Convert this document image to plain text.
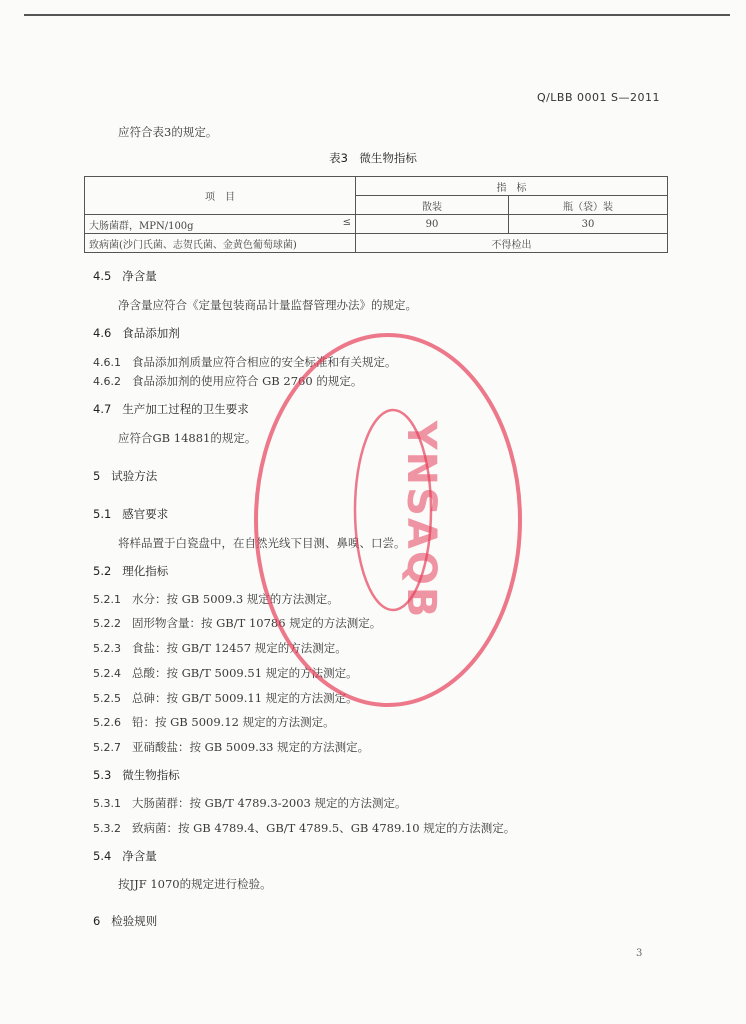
Q/LBB 0001 S—2011
应符合表3的规定。
表3　微生物指标
项　目	指　标	
	散装	瓶（袋）装

大肠菌群，MPN/100g ≤	90	30
致病菌(沙门氏菌、志贺氏菌、金黄色葡萄球菌)	不得检出	
4.5 净含量
净含量应符合《定量包装商品计量监督管理办法》的规定。
4.6 食品添加剂
4.6.1 食品添加剂质量应符合相应的安全标准和有关规定。
4.6.2 食品添加剂的使用应符合 GB 2760 的规定。
4.7 生产加工过程的卫生要求
应符合GB 14881的规定。
5 试验方法
5.1 感官要求
将样品置于白瓷盘中，在自然光线下目测、鼻嗅、口尝。
5.2 理化指标
5.2.1 水分：按 GB 5009.3 规定的方法测定。
5.2.2 固形物含量：按 GB/T 10786 规定的方法测定。
5.2.3 食盐：按 GB/T 12457 规定的方法测定。
5.2.4 总酸：按 GB/T 5009.51 规定的方法测定。
5.2.5 总砷：按 GB/T 5009.11 规定的方法测定。
5.2.6 铅：按 GB 5009.12 规定的方法测定。
5.2.7 亚硝酸盐：按 GB 5009.33 规定的方法测定。
5.3 微生物指标
5.3.1 大肠菌群：按 GB/T 4789.3-2003 规定的方法测定。
5.3.2 致病菌：按 GB 4789.4、GB/T 4789.5、GB 4789.10 规定的方法测定。
5.4 净含量
按JJF 1070的规定进行检验。
6 检验规则
3
YNSAQB
